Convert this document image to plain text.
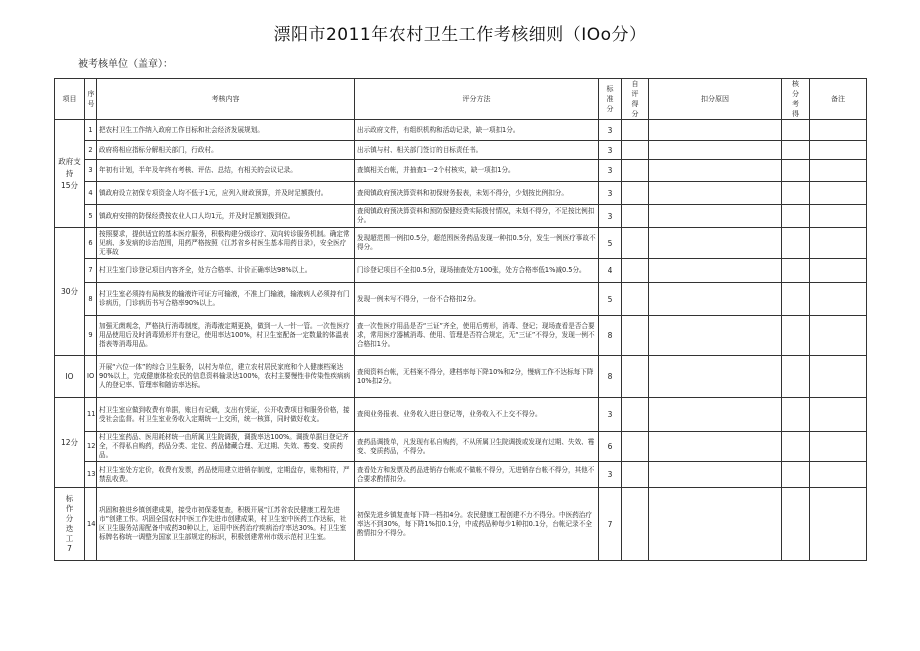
漂阳市2011年农村卫生工作考核细则（IOo分）
被考核单位（盖章）：
项目	序号	考核内容	评分方法	标准分	自评得分	扣分原因	核分考得	备注

政府支
持
15分	1	把农村卫生工作纳入政府工作目标和社会经济发展规划。	出示政府文件，有组织机构和活动记录，缺一项扣1分。	3				
	2	政府将相应指标分解相关部门，行政村。	出示镇与村、相关部门签订的目标责任书。	3				
	3	年初有计划，半年及年终有考核、评估、总结，有相关的会议记录。	查镇相关台帐，并抽查1一2个村核实，缺一项扣1分。	3				
	4	镇政府设立初保专项资金人均不低于1元，应列入财政预算，并及时足额拨付。	查阅镇政府预决算资料和初保财务报表，未划不得分，少划按比例扣分。	3				
	5	镇政府安排的防保经费按农业人口人均1元，并及时足额划拨到位。	查阅镇政府预决算资料和预防保健经费实际拨付情况，未划不得分，不足按比例扣分。	3				

30分	6	按照要求，提供适宜的基本医疗服务，积极构建分级诊疗、双向转诊服务机制。确定常见病、多发病的诊治范围，用药严格按照《江苏省乡村医生基本用药目录》，安全医疗无事故	发现超范围一例扣0.5分，超范围医务药品发现一种扣0.5分，发生一例医疗事故不得分。	5				
	7	村卫生室门诊登记项目内容齐全，处方合格率、计价正确率达98%以上。	门诊登记项目不全扣0.5分，现场抽查处方100张，处方合格率低1%减0.5分。	4				
	8	村卫生室必须持有局核发的输液许可证方可输液，不准上门输液，输液病人必须持有门诊病历，门诊病历书写合格率90%以上。	发现一例未写不得分，一份不合格扣2分。	5				
	9	加强无菌观念，严格执行消毒制度，消毒液定期更换，做到一人一针一管。一次性医疗用品使用后及时消毒毁形并有登记，使用率达100%，村卫生室配备一定数量的体温表指表等消毒用品。	查一次性医疗用品是否“三证”齐全，使用后剪形，消毒、登记；现场查看是否合要求，常用医疗器械消毒、使用、管理是否符合规定，无“三证”不得分，发现一例不合格扣1分。	8				

IO	IO	开展“六位一体”的综合卫生服务，以村为单位，建立农村居民家庭和个人健康档案达90%以上，完成健康体检农民的信息资料输录达100%，农村主要慢性非传染性疾病病人的登记率、管理率和随访率达标。	查阅资料台帐，无档案不得分，建档率每下降10%和2分，慢病工作不达标每下降10%扣2分。	8				

12分	11	村卫生室应做到收费有单据，账目有记载，支出有凭证，公开收费项目和服务价格，接受社会监督。村卫生室业务收入定期统一上交所，统一核算，同时做好收支。	查阅业务报表、业务收入进日登记等，业务收入不上交不得分。	3				
	12	村卫生室药品、医用耗材统一由所属卫生院调拨，调拨率达100%。调拨单据目登记齐全，不得私自购药，药品分类、定位、药品储藏合理、无过期、失效、霉变、变质药品。	查药品调拨单，凡发现有私自购药，不从所属卫生院调拨或发现有过期、失效、霉变、变质药品，不得分。	6				
	13	村卫生室处方定价，收费有发票，药品使用建立进销存制度，定期盘存，账物相符，严禁乱收费。	查看处方和发票及药品进销存台帐或不做帐不得分，无进销存台帐不得分，其他不合要求酌情扣分。	3				
标作分迭工7	14	巩固和推进乡镇创建成果，接受市初保委复查，积极开展“江苏省农民健康工程先进市”创建工作。巩固全国农村中医工作先进市创建成果，村卫生室中医药工作达标，社区卫生服务站需配备中成药30种以上，运用中医药治疗疾病治疗率达30%。村卫生室标牌名称统一调整为国家卫生部规定的标识，积极创建常州市级示范村卫生室。	初保先进乡镇复查每下降一档扣4分。农民健康工程创建不力不得分。中医药治疗率达不到30%，每下降1%扣0.1分，中成药品种每少1种扣0.1分，台帐记录不全酌情扣分不得分。	7				
